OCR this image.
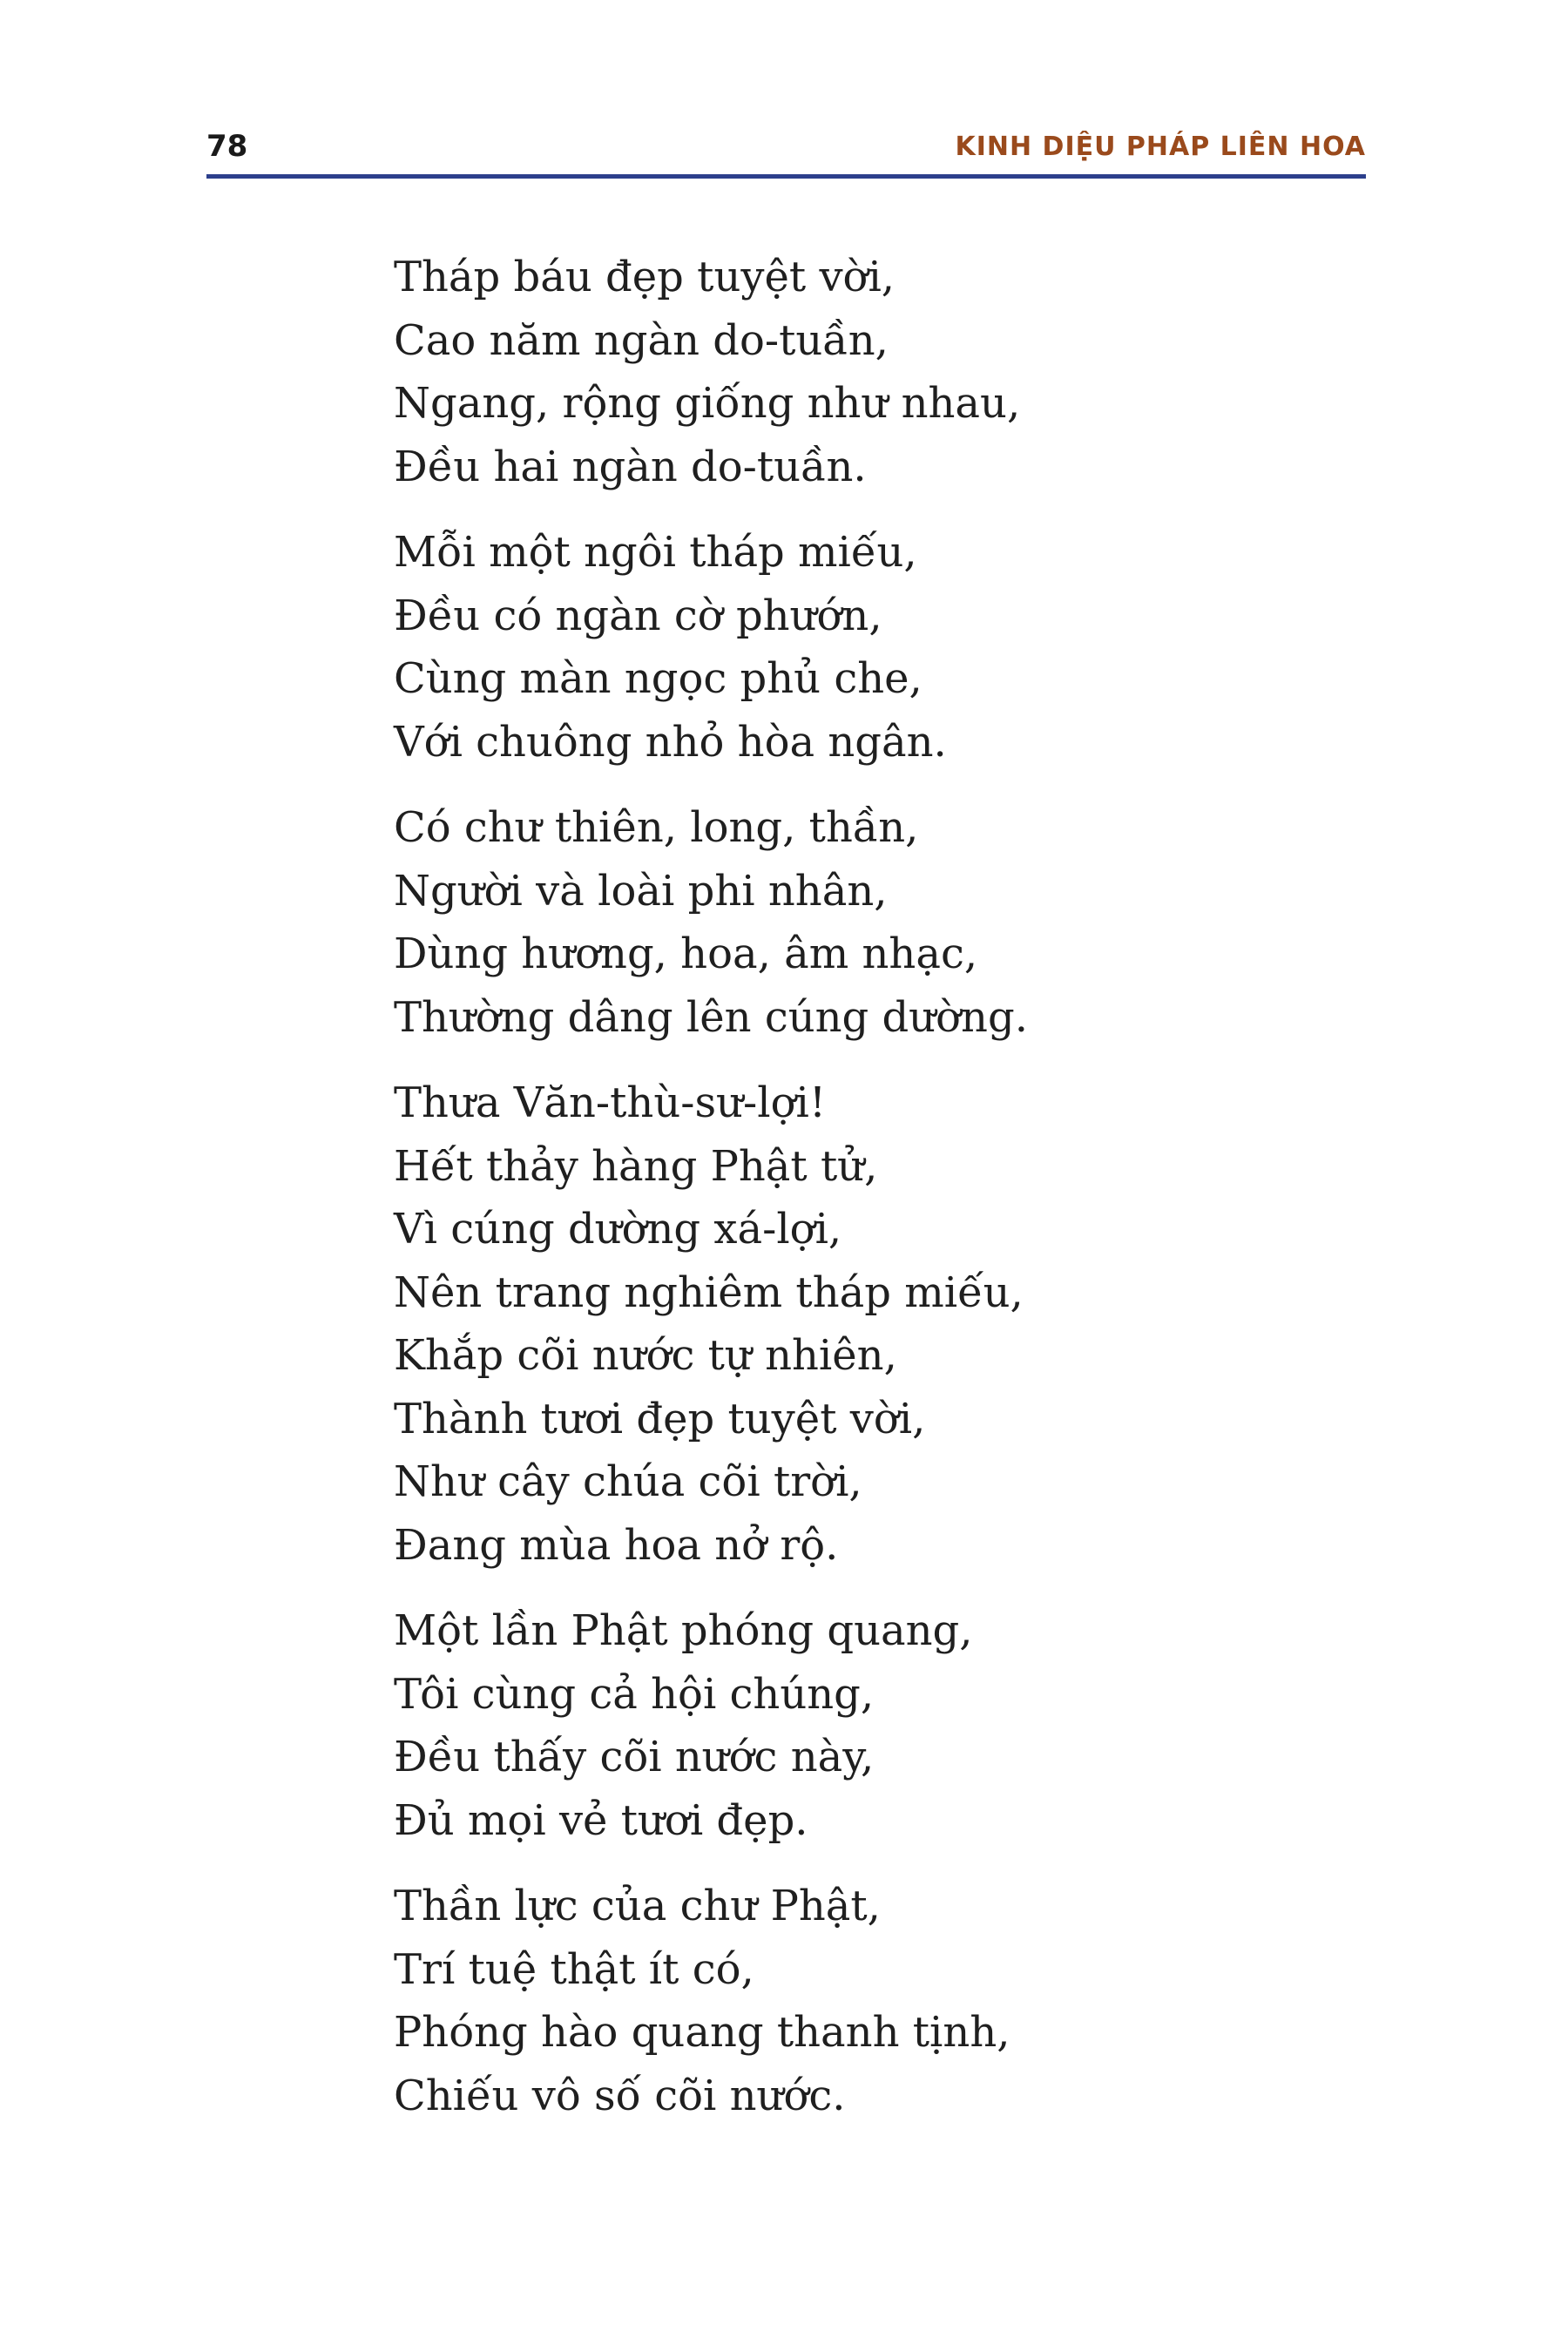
78	KINH DIỆU PHÁP LIÊN HOA
Tháp báu đẹp tuyệt vời,
Cao năm ngàn do-tuần,
Ngang, rộng giống như nhau,
Đều hai ngàn do-tuần.
Mỗi một ngôi tháp miếu,
Đều có ngàn cờ phướn,
Cùng màn ngọc phủ che,
Với chuông nhỏ hòa ngân.
Có chư thiên, long, thần,
Người và loài phi nhân,
Dùng hương, hoa, âm nhạc,
Thường dâng lên cúng dường.
Thưa Văn-thù-sư-lợi!
Hết thảy hàng Phật tử,
Vì cúng dường xá-lợi,
Nên trang nghiêm tháp miếu,
Khắp cõi nước tự nhiên,
Thành tươi đẹp tuyệt vời,
Như cây chúa cõi trời,
Đang mùa hoa nở rộ.
Một lần Phật phóng quang,
Tôi cùng cả hội chúng,
Đều thấy cõi nước này,
Đủ mọi vẻ tươi đẹp.
Thần lực của chư Phật,
Trí tuệ thật ít có,
Phóng hào quang thanh tịnh,
Chiếu vô số cõi nước.
